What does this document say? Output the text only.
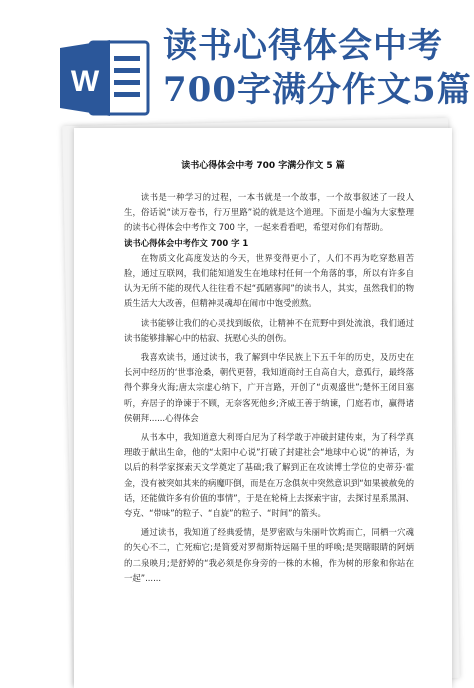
W
读书心得体会中考
700字满分作文5篇
读书心得体会中考 700 字满分作文 5 篇

读书是一种学习的过程，一本书就是一个故事，一个故事叙述了一段人生，俗话说“读万卷书，行万里路”说的就是这个道理。下面是小编为大家整理的读书心得体会中考作文 700 字，一起来看看吧，希望对你们有帮助。

读书心得体会中考作文 700 字 1

在物质文化高度发达的今天，世界变得更小了，人们不再为吃穿愁眉苦脸，通过互联网，我们能知道发生在地球村任何一个角落的事，所以有许多自认为无所不能的现代人往往看不起“孤陋寡闻”的读书人，其实，虽然我们的物质生活大大改善，但精神灵魂却在闹市中饱受煎熬。

读书能够让我们的心灵找到皈依，让精神不在荒野中到处流浪，我们通过读书能够排解心中的枯寂、抚慰心头的创伤。

我喜欢读书，通过读书，我了解到中华民族上下五千年的历史，及历史在长河中经历的‘世事沧桑，朝代更替，我知道商纣王自高自大，意孤行，最终落得个葬身火海;唐太宗虚心纳下，广开言路，开创了“贞观盛世”;楚怀王闭目塞听，弃居子的诤谏于不顾，无奈客死他乡;齐威王善于纳谏，门庭若市，赢得诸侯朝拜......心得体会

从书本中，我知道意大利哥白尼为了科学敢于冲破封建传束，为了科学真理敢于献出生命，他的“太阳中心说”打破了封建社会“地球中心说”的神话，为以后的科学家探索天文学奠定了基础;我了解到正在攻读博士学位的史蒂芬·霍金，没有被突如其来的病魔吓倒，而是在万念俱灰中突然意识到“如果被赦免的话，还能做许多有价值的事情”，于是在轮椅上去探索宇宙，去探讨星系黑洞、夸克、“带味”的粒子、“自旋”的粒子、“时间”的箭头。

通过读书，我知道了经典爱情，是罗密欧与朱丽叶饮鸩而亡，同栖一穴魂的矢心不二，亡死痴它;是简爱对罗彻斯特远隔千里的呼唤;是哭瞎眼睛的阿炳的二泉映月;是舒婷的“我必须是你身旁的一株的木棉，作为树的形象和你站在一起”......
